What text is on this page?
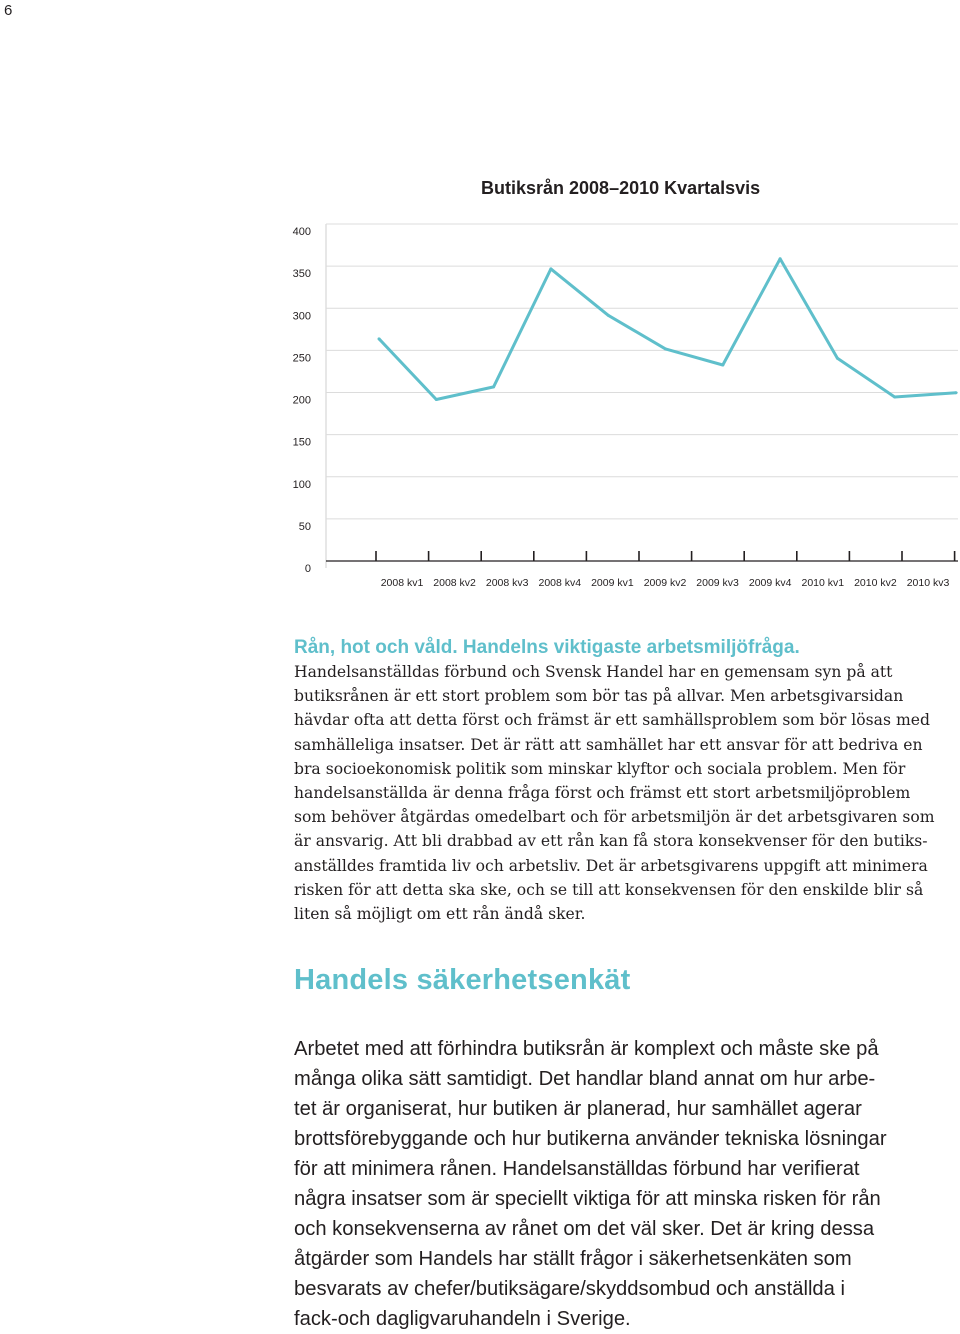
6
Butiksrån 2008–2010 Kvartalsvis
400
350
300
250
200
150
100
50
0
2008 kv1 2008 kv2 2008 kv3 2008 kv4 2009 kv1 2009 kv2 2009 kv3 2009 kv4 2010 kv1 2010 kv2 2010 kv3
Rån, hot och våld. Handelns viktigaste arbetsmiljöfråga.

Handelsanställdas förbund och Svensk Handel har en gemensam syn på att
butiksrånen är ett stort problem som bör tas på allvar. Men arbetsgivarsidan
hävdar ofta att detta först och främst är ett samhällsproblem som bör lösas med
samhälleliga insatser. Det är rätt att samhället har ett ansvar för att bedriva en
bra socioekonomisk politik som minskar klyftor och sociala problem. Men för
handelsanställda är denna fråga först och främst ett stort arbetsmiljöproblem
som behöver åtgärdas omedelbart och för arbetsmiljön är det arbetsgivaren som
är ansvarig. Att bli drabbad av ett rån kan få stora konsekvenser för den butiks-
anställdes framtida liv och arbetsliv. Det är arbetsgivarens uppgift att minimera
risken för att detta ska ske, och se till att konsekvensen för den enskilde blir så
liten så möjligt om ett rån ändå sker.

Handels säkerhetsenkät

Arbetet med att förhindra butiksrån är komplext och måste ske på
många olika sätt samtidigt. Det handlar bland annat om hur arbe-
tet är organiserat, hur butiken är planerad, hur samhället agerar
brottsförebyggande och hur butikerna använder tekniska lösningar
för att minimera rånen. Handelsanställdas förbund har verifierat
några insatser som är speciellt viktiga för att minska risken för rån
och konsekvenserna av rånet om det väl sker. Det är kring dessa
åtgärder som Handels har ställt frågor i säkerhetsenkäten som
besvarats av chefer/butiksägare/skyddsombud och anställda i
fack-och dagligvaruhandeln i Sverige.
